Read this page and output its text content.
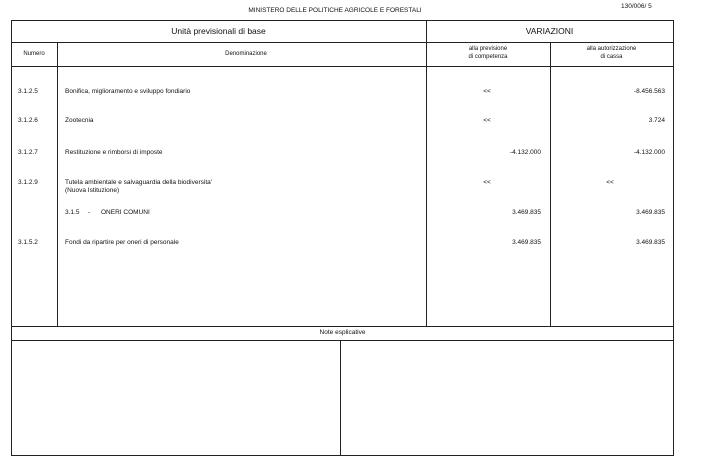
MINISTERO DELLE POLITICHE AGRICOLE E FORESTALI
130/006/ 5
Unità previsionali di base	VARIAZIONI
Numero	Denominazione
alla previsione
di competenza
alla autorizzazione
di cassa
3.1.2.5	Bonifica, miglioramento e sviluppo fondiario	<<	-8.456.563
3.1.2.6	Zootecnia	<<	3.724
3.1.2.7	Restituzione e rimborsi di imposte	-4.132.000	-4.132.000
3.1.2.9	Tutela ambientale e salvaguardia della biodiversita'
(Nuova Istituzione)
<<	<<
3.1.5 - ONERI COMUNI	3.469.835	3.469.835
3.1.5.2	Fondi da ripartire per oneri di personale	3.469.835	3.469.835
Note esplicative
